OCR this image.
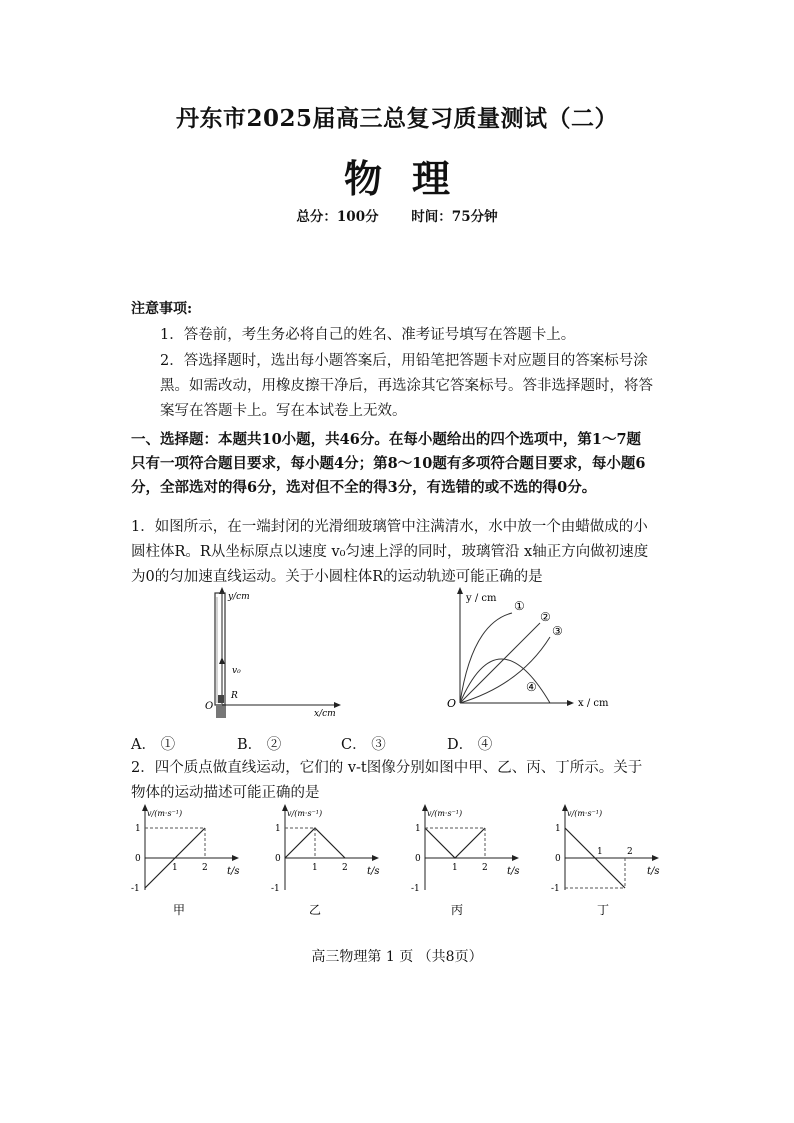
丹东市2025届高三总复习质量测试（二）
物理
总分：100分 时间：75分钟
注意事项:
1．答卷前，考生务必将自己的姓名、准考证号填写在答题卡上。
2．答选择题时，选出每小题答案后，用铅笔把答题卡对应题目的答案标号涂黑。如需改动，用橡皮擦干净后，再选涂其它答案标号。答非选择题时，将答案写在答题卡上。写在本试卷上无效。
一、选择题：本题共10小题，共46分。在每小题给出的四个选项中，第1～7题只有一项符合题目要求，每小题4分；第8～10题有多项符合题目要求，每小题6分，全部选对的得6分，选对但不全的得3分，有选错的或不选的得0分。
1．如图所示，在一端封闭的光滑细玻璃管中注满清水，水中放一个由蜡做成的小圆柱体R。R从坐标原点以速度 v₀匀速上浮的同时，玻璃管沿 x轴正方向做初速度为0的匀加速直线运动。关于小圆柱体R的运动轨迹可能正确的是
y/cm
x/cm
v₀
R
O
y / cm
x / cm
O
①
②
③
④
A． ①	B． ②	C． ③	D． ④
2．四个质点做直线运动，它们的 v-t图像分别如图中甲、乙、丙、丁所示。关于物体的运动描述可能正确的是
v/(m·s⁻¹)
1
0
-1
1	2 t/s
甲
v/(m·s⁻¹)
1
0
-1
1	2 t/s
乙
v/(m·s⁻¹)
1
0
-1
1	2 t/s
丙
v/(m·s⁻¹)
1
0
-1
1	2
t/s
丁
高三物理第 1 页 （共8页）
